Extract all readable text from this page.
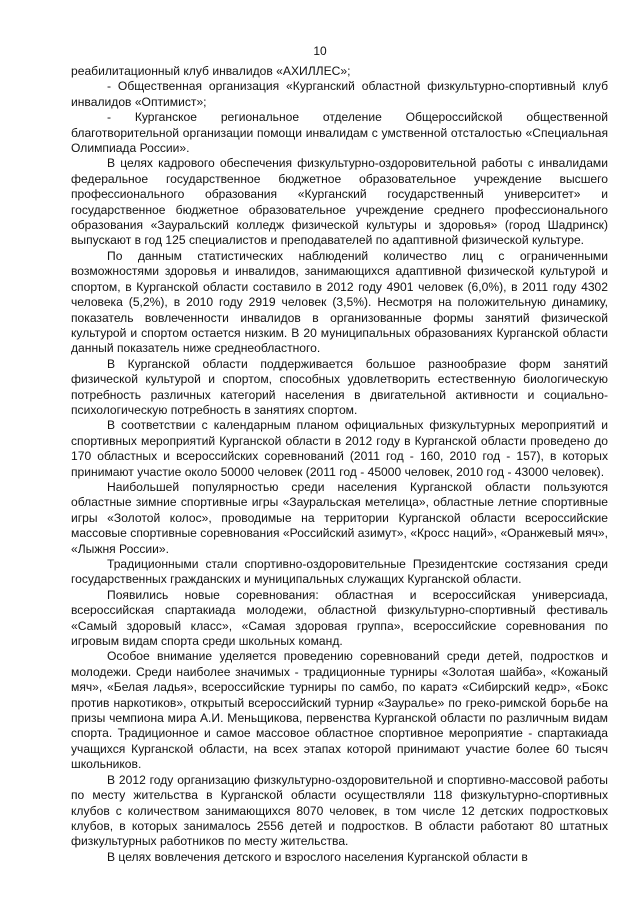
10

реабилитационный клуб инвалидов «АХИЛЛЕС»;

- Общественная организация «Курганский областной физкультурно-спортивный клуб инвалидов «Оптимист»;

- Курганское региональное отделение Общероссийской общественной благотворительной организации помощи инвалидам с умственной отсталостью «Специальная Олимпиада России».

В целях кадрового обеспечения физкультурно-оздоровительной работы с инвалидами федеральное государственное бюджетное образовательное учреждение высшего профессионального образования «Курганский государственный университет» и государственное бюджетное образовательное учреждение среднего профессионального образования «Зауральский колледж физической культуры и здоровья» (город Шадринск) выпускают в год 125 специалистов и преподавателей по адаптивной физической культуре.

По данным статистических наблюдений количество лиц с ограниченными возможностями здоровья и инвалидов, занимающихся адаптивной физической культурой и спортом, в Курганской области составило в 2012 году 4901 человек (6,0%), в 2011 году 4302 человека (5,2%), в 2010 году 2919 человек (3,5%). Несмотря на положительную динамику, показатель вовлеченности инвалидов в организованные формы занятий физической культурой и спортом остается низким. В 20 муниципальных образованиях Курганской области данный показатель ниже среднеобластного.

В Курганской области поддерживается большое разнообразие форм занятий физической культурой и спортом, способных удовлетворить естественную биологическую потребность различных категорий населения в двигательной активности и социально-психологическую потребность в занятиях спортом.

В соответствии с календарным планом официальных физкультурных мероприятий и спортивных мероприятий Курганской области в 2012 году в Курганской области проведено до 170 областных и всероссийских соревнований (2011 год - 160, 2010 год - 157), в которых принимают участие около 50000 человек (2011 год - 45000 человек, 2010 год - 43000 человек).

Наибольшей популярностью среди населения Курганской области пользуются областные зимние спортивные игры «Зауральская метелица», областные летние спортивные игры «Золотой колос», проводимые на территории Курганской области всероссийские массовые спортивные соревнования «Российский азимут», «Кросс наций», «Оранжевый мяч», «Лыжня России».

Традиционными стали спортивно-оздоровительные Президентские состязания среди государственных гражданских и муниципальных служащих Курганской области.

Появились новые соревнования: областная и всероссийская универсиада, всероссийская спартакиада молодежи, областной физкультурно-спортивный фестиваль «Самый здоровый класс», «Самая здоровая группа», всероссийские соревнования по игровым видам спорта среди школьных команд.

Особое внимание уделяется проведению соревнований среди детей, подростков и молодежи. Среди наиболее значимых - традиционные турниры «Золотая шайба», «Кожаный мяч», «Белая ладья», всероссийские турниры по самбо, по каратэ «Сибирский кедр», «Бокс против наркотиков», открытый всероссийский турнир «Зауралье» по греко-римской борьбе на призы чемпиона мира А.И. Меньщикова, первенства Курганской области по различным видам спорта. Традиционное и самое массовое областное спортивное мероприятие - спартакиада учащихся Курганской области, на всех этапах которой принимают участие более 60 тысяч школьников.

В 2012 году организацию физкультурно-оздоровительной и спортивно-массовой работы по месту жительства в Курганской области осуществляли 118 физкультурно-спортивных клубов с количеством занимающихся 8070 человек, в том числе 12 детских подростковых клубов, в которых занималось 2556 детей и подростков. В области работают 80 штатных физкультурных работников по месту жительства.

В целях вовлечения детского и взрослого населения Курганской области в
